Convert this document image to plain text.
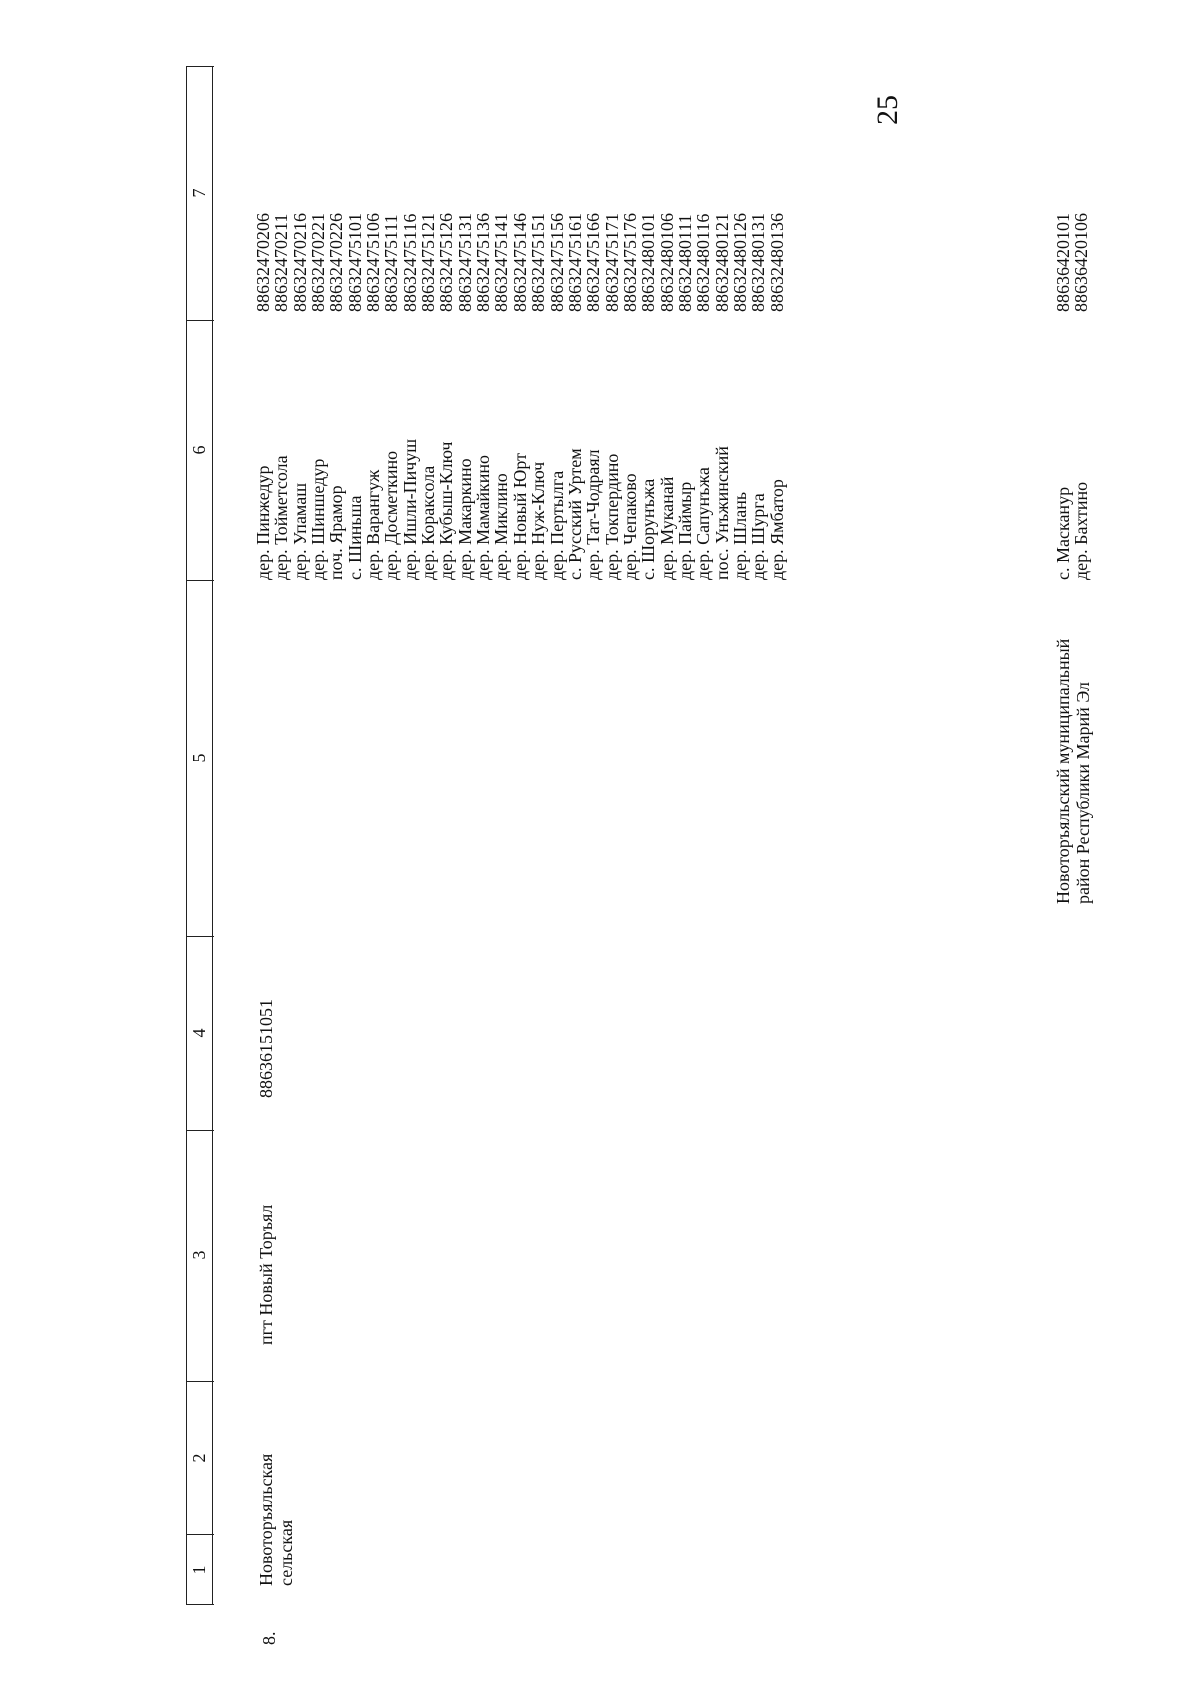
25
1
2
3
4
5
6
7
8.
Новоторъяльская
сельская
пгт Новый Торъял
88636151051
Новоторъяльский муниципальный
район Республики Марий Эл
дер. Пинжедур
дер. Тойметсола
дер. Упамаш
дер. Шиншедур
поч. Ярамор
с. Шиньша
дер. Варангуж
дер. Досметкино
дер. Ишли-Пичуш
дер. Кораксола
дер. Кубыш-Ключ
дер. Макаркино
дер. Мамайкино
дер. Миклино
дер. Новый Юрт
дер. Нуж-Ключ
дер. Пертылга
с. Русский Уртем
дер. Тат-Чодраял
дер. Токпердино
дер. Чепаково
с. Шорунъжа
дер. Муканай
дер. Паймыр
дер. Сапунъжа
пос. Унъжинский
дер. Шлань
дер. Шурга
дер. Ямбатор
88632470206
88632470211
88632470216
88632470221
88632470226
88632475101
88632475106
88632475111
88632475116
88632475121
88632475126
88632475131
88632475136
88632475141
88632475146
88632475151
88632475156
88632475161
88632475166
88632475171
88632475176
88632480101
88632480106
88632480111
88632480116
88632480121
88632480126
88632480131
88632480136
с. Маскануp
дер. Бахтино
88636420101
88636420106
